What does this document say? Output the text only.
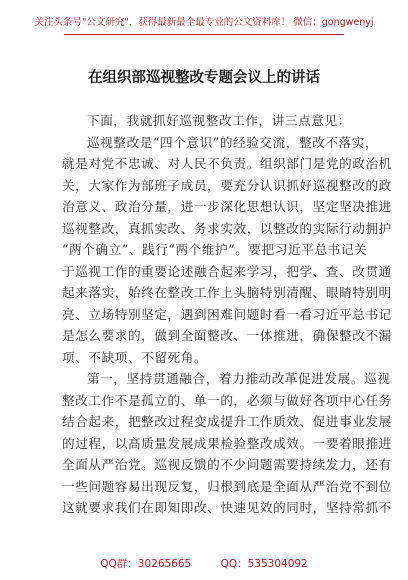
关注头条号"公文研究"，获得最新最全最专业的公文资料库！ 微信：gongwenyj
在组织部巡视整改专题会议上的讲话
下面，我就抓好巡视整改工作，讲三点意见：
巡视整改是“四个意识”的经验交流，整改不落实，
就是对党不忠诚、对人民不负责。组织部门是党的政治机
关，大家作为部班子成员，要充分认识抓好巡视整改的政
治意义、政治分量，进一步深化思想认识，坚定坚决推进
巡视整改，真抓实改、务求实效，以整改的实际行动拥护
“两个确立”、践行“两个维护”。要把习近平总书记关
于巡视工作的重要论述融合起来学习，把学、查、改贯通
起来落实，始终在整改工作上头脑特别清醒、眼睛特别明
亮、立场特别坚定，遇到困难问题时看一看习近平总书记
是怎么要求的，做到全面整改、一体推进，确保整改不漏
项、不缺项、不留死角。
第一，坚持贯通融合，着力推动改革促进发展。巡视
整改工作不是孤立的、单一的，必须与做好各项中心任务
结合起来，把整改过程变成提升工作质效、促进事业发展
的过程，以高质量发展成果检验整改成效。一要着眼推进
全面从严治党。巡视反馈的不少问题需要持续发力，还有
一些问题容易出现反复，归根到底是全面从严治党不到位
这就要求我们在即知即改、快速见效的同时，坚持常抓不
QQ群：30265665 QQ：535304092
